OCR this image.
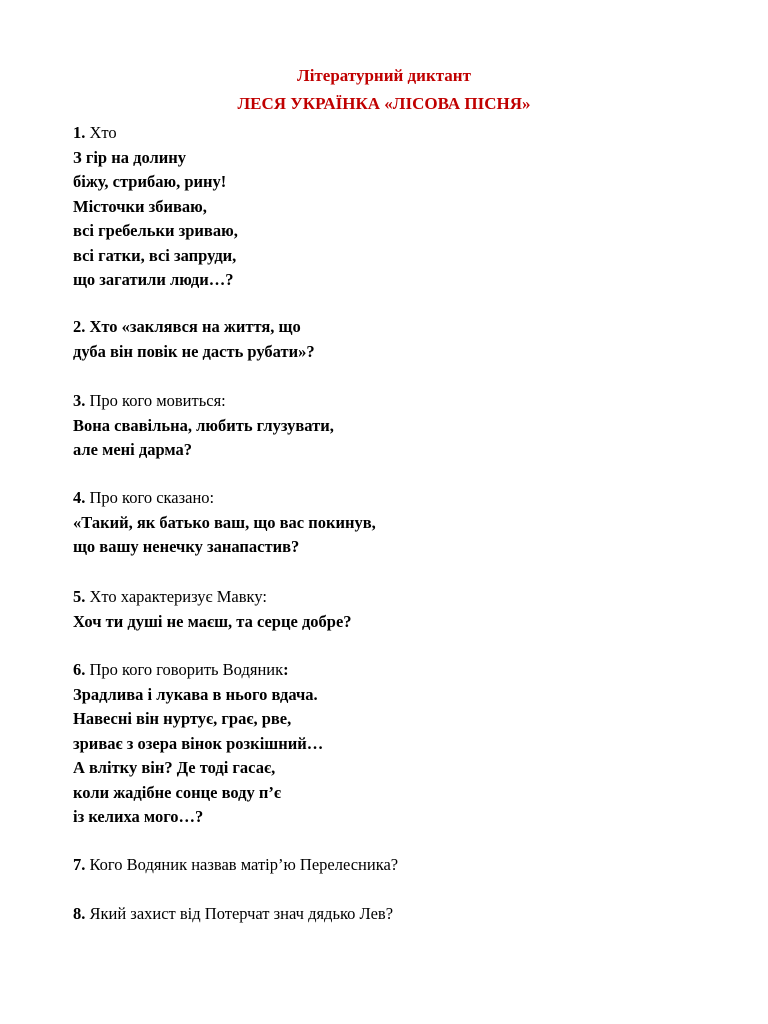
Літературний диктант
ЛЕСЯ УКРАЇНКА «ЛІСОВА ПІСНЯ»
1. Хто
З гір на долину
біжу, стрибаю, рину!
Місточки збиваю,
всі гребельки зриваю,
всі гатки, всі запруди,
що загатили люди…?
2. Хто «заклявся на життя, що
дуба він повік не дасть рубати»?
3. Про кого мовиться:
Вона свавільна, любить глузувати,
але мені дарма?
4. Про кого сказано:
«Такий, як батько ваш, що вас покинув,
що вашу ненечку занапастив?
5. Хто характеризує Мавку:
Хоч ти душі не маєш, та серце добре?
6. Про кого говорить Водяник:
Зрадлива і лукава в нього вдача.
Навесні він нуртує, грає, рве,
зриває з озера вінок розкішний…
А влітку він? Де тоді гасає,
коли жадібне сонце воду п’є
із келиха мого…?
7. Кого Водяник назвав матір’ю Перелесника?
8. Який захист від Потерчат знач дядько Лев?
